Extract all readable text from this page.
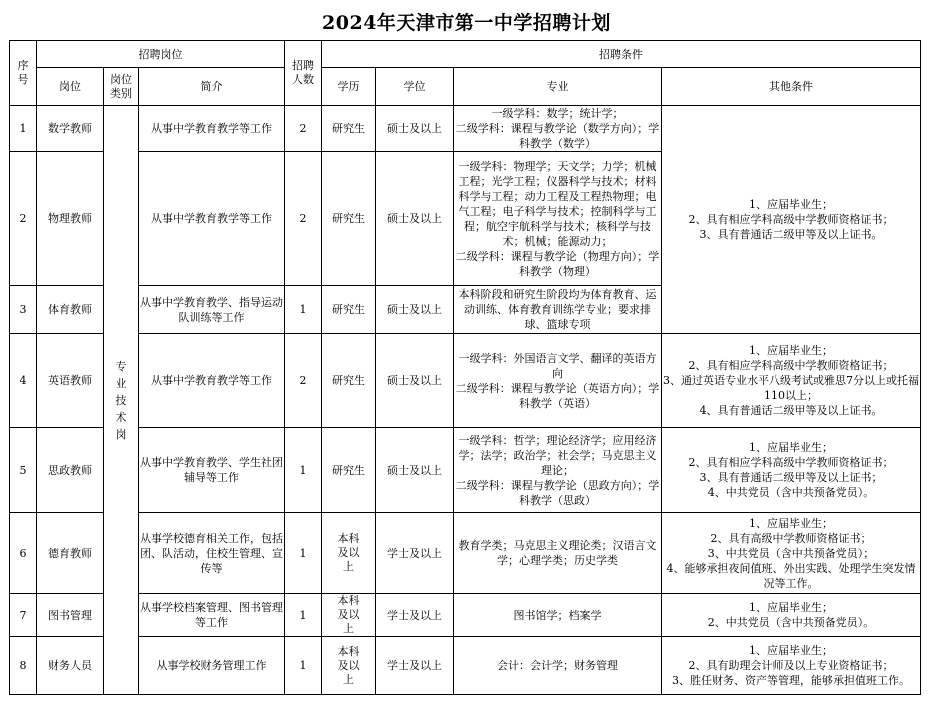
2024年天津市第一中学招聘计划
序号	招聘岗位			招聘人数	招聘条件			
	岗位	岗位类别	简介		学历	学位	专业	其他条件
1	数学教师	专业技术岗	从事中学教育教学等工作	2	研究生	硕士及以上	一级学科：数学；统计学；
二级学科：课程与教学论（数学方向）；学科教学（数学）	1、应届毕业生；
2、具有相应学科高级中学教师资格证书；
3、具有普通话二级甲等及以上证书。

2	物理教师		从事中学教育教学等工作	2	研究生	硕士及以上	一级学科：物理学；天文学；力学；机械工程；光学工程；仪器科学与技术；材料科学与工程；动力工程及工程热物理；电气工程；电子科学与技术；控制科学与工程；航空宇航科学与技术；核科学与技术；机械；能源动力；
二级学科：课程与教学论（物理方向）；学科教学（物理）	
3	体育教师		从事中学教育教学、指导运动队训练等工作	1	研究生	硕士及以上	本科阶段和研究生阶段均为体育教育、运动训练、体育教育训练学专业；要求排球、篮球专项	
4	英语教师		从事中学教育教学等工作	2	研究生	硕士及以上	一级学科：外国语言文学、翻译的英语方向
二级学科：课程与教学论（英语方向）；学科教学（英语）	1、应届毕业生；
2、具有相应学科高级中学教师资格证书；
3、通过英语专业水平八级考试或雅思7分以上或托福110以上；
4、具有普通话二级甲等及以上证书。

5	思政教师		从事中学教育教学、学生社团辅导等工作	1	研究生	硕士及以上	一级学科：哲学；理论经济学；应用经济学；法学；政治学；社会学；马克思主义理论；
二级学科：课程与教学论（思政方向）；学科教学（思政）	1、应届毕业生；
2、具有相应学科高级中学教师资格证书；
3、具有普通话二级甲等及以上证书；
4、中共党员（含中共预备党员）。

6	德育教师		从事学校德育相关工作，包括团、队活动，住校生管理、宣传等	1	本科及以上	学士及以上	教育学类；马克思主义理论类；汉语言文学；心理学类；历史学类	1、应届毕业生；
2、具有高级中学教师资格证书；
3、中共党员（含中共预备党员）；
4、能够承担夜间值班、外出实践、处理学生突发情况等工作。

7	图书管理		从事学校档案管理、图书管理等工作	1	本科及以上	学士及以上	图书馆学；档案学	1、应届毕业生；
2、中共党员（含中共预备党员）。

8	财务人员		从事学校财务管理工作	1	本科及以上	学士及以上	会计：会计学；财务管理	1、应届毕业生；
2、具有助理会计师及以上专业资格证书；
3、胜任财务、资产等管理，能够承担值班工作。
